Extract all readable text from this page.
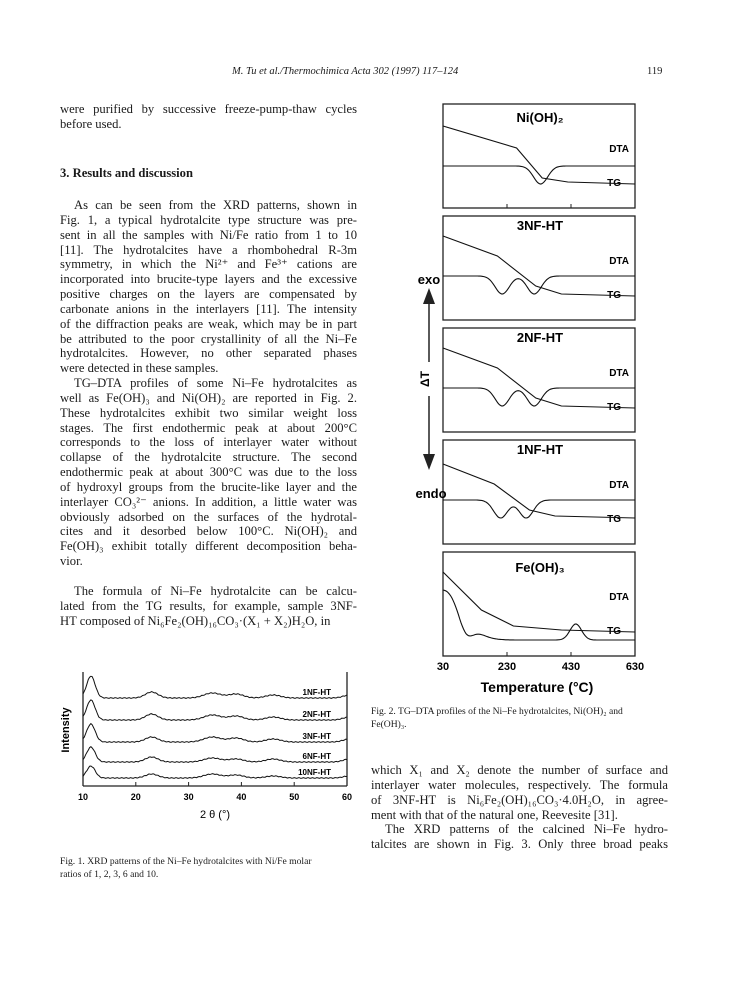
M. Tu et al./Thermochimica Acta 302 (1997) 117–124	119
were purified by successive freeze-pump-thaw cycles
before used.
3. Results and discussion
As can be seen from the XRD patterns, shown in
Fig. 1, a typical hydrotalcite type structure was pre-
sent in all the samples with Ni/Fe ratio from 1 to 10
[11]. The hydrotalcites have a rhombohedral R-3m
symmetry, in which the Ni²⁺ and Fe³⁺ cations are
incorporated into brucite-type layers and the excessive
positive charges on the layers are compensated by
carbonate anions in the interlayers [11]. The intensity
of the diffraction peaks are weak, which may be in part
be attributed to the poor crystallinity of all the Ni–Fe
hydrotalcites. However, no other separated phases
were detected in these samples.
TG–DTA profiles of some Ni–Fe hydrotalcites as
well as Fe(OH)₃ and Ni(OH)₂ are reported in Fig. 2.
These hydrotalcites exhibit two similar weight loss
stages. The first endothermic peak at about 200°C
corresponds to the loss of interlayer water without
collapse of the hydrotalcite structure. The second
endothermic peak at about 300°C was due to the loss
of hydroxyl groups from the brucite-like layer and the
interlayer CO₃²⁻ anions. In addition, a little water was
obviously adsorbed on the surfaces of the hydrotal-
cites and it desorbed below 100°C. Ni(OH)₂ and
Fe(OH)₃ exhibit totally different decomposition beha-
vior.
The formula of Ni–Fe hydrotalcite can be calcu-
lated from the TG results, for example, sample 3NF-
HT composed of Ni₆Fe₂(OH)₁₆CO₃·(X₁ + X₂)H₂O, in
10	20	30	40	50	60
1NF-HT
2NF-HT
3NF-HT
6NF-HT
10NF-HT
Intensity
2 θ (°)
Fig. 1. XRD patterns of the Ni–Fe hydrotalcites with Ni/Fe molar
ratios of 1, 2, 3, 6 and 10.
Ni(OH)₂
DTA
TG
3NF-HT
DTA
TG
2NF-HT
DTA
TG
1NF-HT
DTA
TG
Fe(OH)₃
DTA
TG
exo
endo
ΔT
30	230	430	630
Temperature (°C)
Fig. 2. TG–DTA profiles of the Ni–Fe hydrotalcites, Ni(OH)₂ and
Fe(OH)₃.
which X₁ and X₂ denote the number of surface and
interlayer water molecules, respectively. The formula
of 3NF-HT is Ni₆Fe₂(OH)₁₆CO₃·4.0H₂O, in agree-
ment with that of the natural one, Reevesite [31].
The XRD patterns of the calcined Ni–Fe hydro-
talcites are shown in Fig. 3. Only three broad peaks
